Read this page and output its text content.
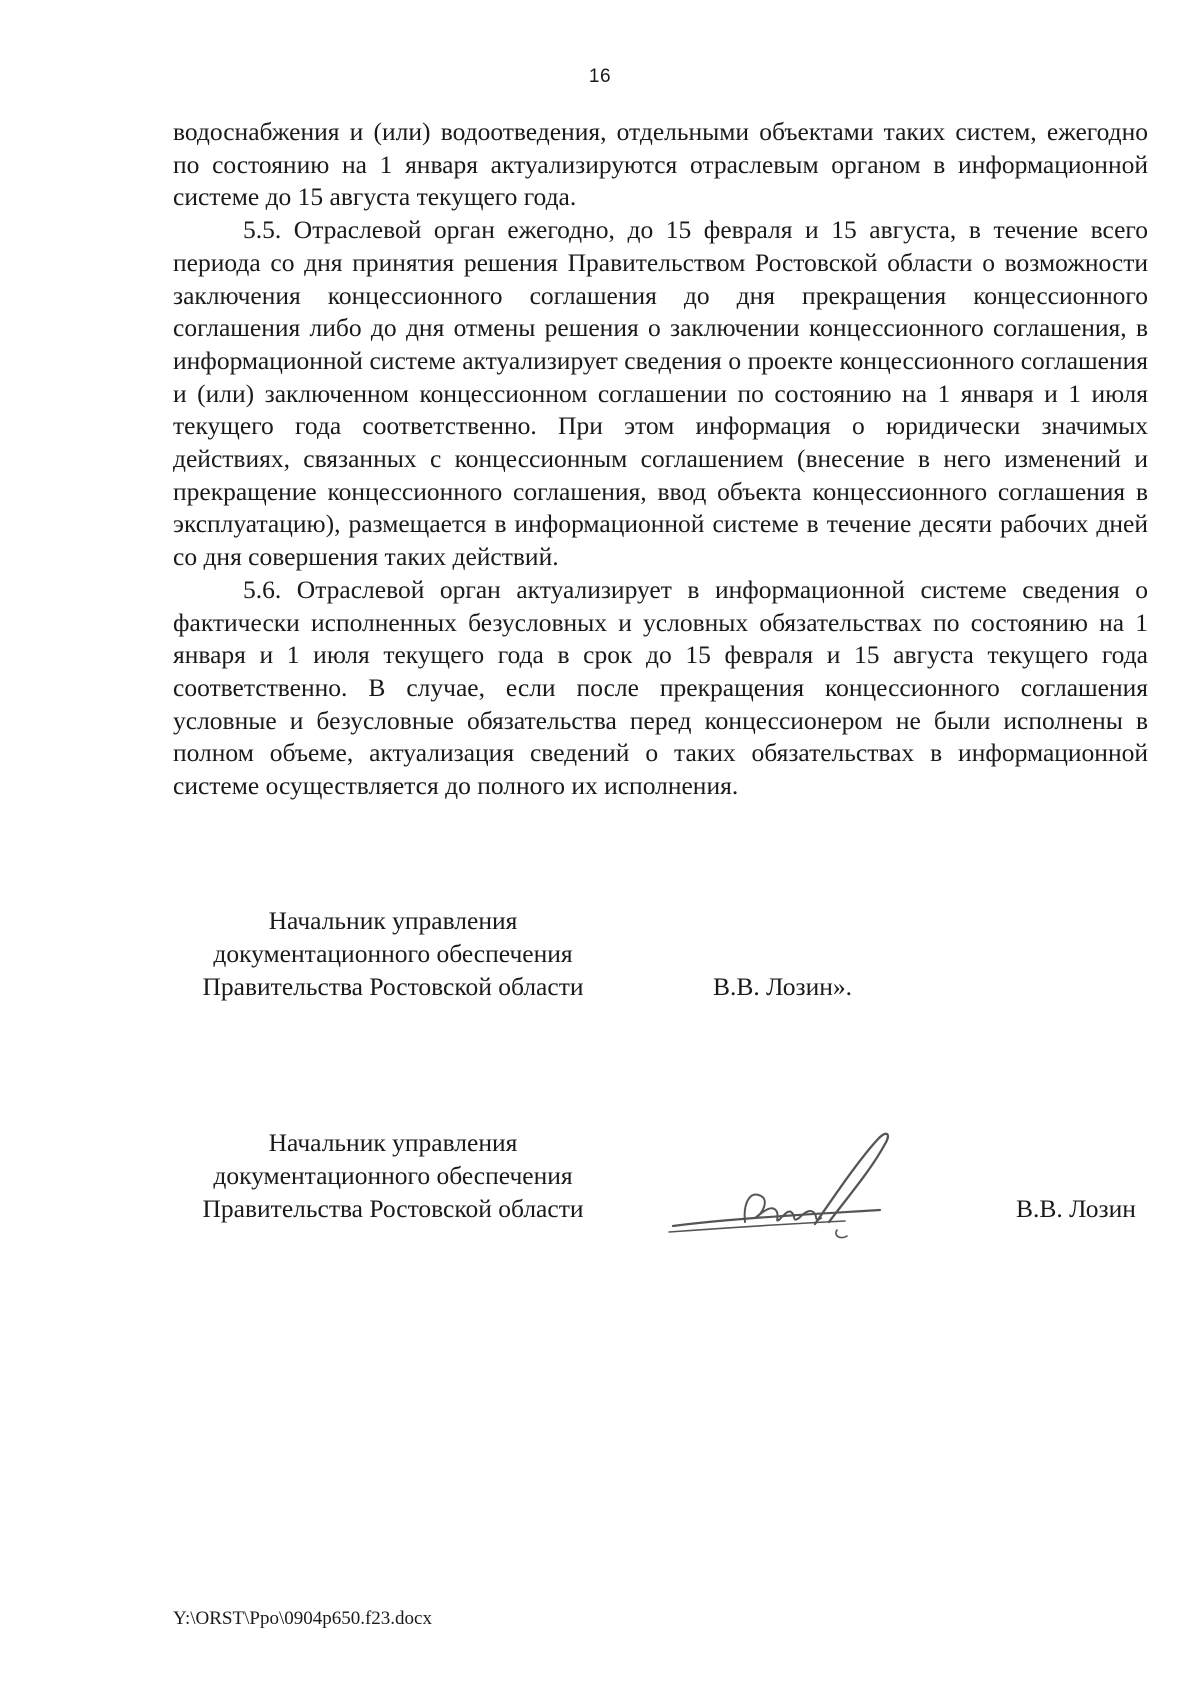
16

водоснабжения и (или) водоотведения, отдельными объектами таких систем, ежегодно по состоянию на 1 января актуализируются отраслевым органом в информационной системе до 15 августа текущего года.

5.5. Отраслевой орган ежегодно, до 15 февраля и 15 августа, в течение всего периода со дня принятия решения Правительством Ростовской области о возможности заключения концессионного соглашения до дня прекращения концессионного соглашения либо до дня отмены решения о заключении концессионного соглашения, в информационной системе актуализирует сведения о проекте концессионного соглашения и (или) заключенном концессионном соглашении по состоянию на 1 января и 1 июля текущего года соответственно. При этом информация о юридически значимых действиях, связанных с концессионным соглашением (внесение в него изменений и прекращение концессионного соглашения, ввод объекта концессионного соглашения в эксплуатацию), размещается в информационной системе в течение десяти рабочих дней со дня совершения таких действий.

5.6. Отраслевой орган актуализирует в информационной системе сведения о фактически исполненных безусловных и условных обязательствах по состоянию на 1 января и 1 июля текущего года в срок до 15 февраля и 15 августа текущего года соответственно. В случае, если после прекращения концессионного соглашения условные и безусловные обязательства перед концессионером не были исполнены в полном объеме, актуализация сведений о таких обязательствах в информационной системе осуществляется до полного их исполнения.

Начальник управления
документационного обеспечения
Правительства Ростовской области	В.В. Лозин».
Начальник управления
документационного обеспечения
Правительства Ростовской области	В.В. Лозин
Y:\ORST\Ppo\0904p650.f23.docx
